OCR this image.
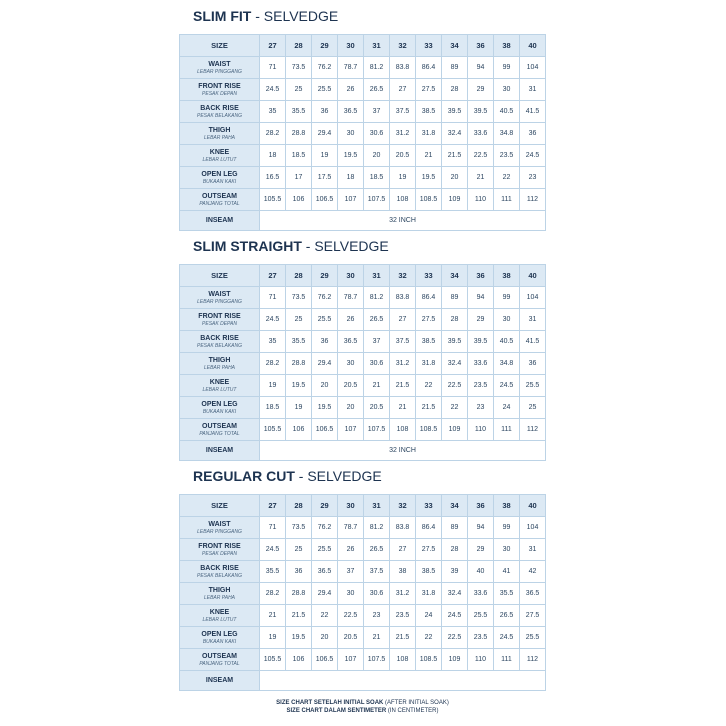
SLIM FIT - SELVEDGE
SIZE	27	28	29	30	31	32	33	34	36	38	40

WAIST
LEBAR PINGGANG	71	73.5	76.2	78.7	81.2	83.8	86.4	89	94	99	104

FRONT RISE
PESAK DEPAN	24.5	25	25.5	26	26.5	27	27.5	28	29	30	31

BACK RISE
PESAK BELAKANG	35	35.5	36	36.5	37	37.5	38.5	39.5	39.5	40.5	41.5

THIGH
LEBAR PAHA	28.2	28.8	29.4	30	30.6	31.2	31.8	32.4	33.6	34.8	36

KNEE
LEBAR LUTUT	18	18.5	19	19.5	20	20.5	21	21.5	22.5	23.5	24.5

OPEN LEG
BUKAAN KAKI	16.5	17	17.5	18	18.5	19	19.5	20	21	22	23

OUTSEAM
PANJANG TOTAL	105.5	106	106.5	107	107.5	108	108.5	109	110	111	112

INSEAM	32 INCH										
SLIM STRAIGHT - SELVEDGE
SIZE	27	28	29	30	31	32	33	34	36	38	40

WAIST
LEBAR PINGGANG	71	73.5	76.2	78.7	81.2	83.8	86.4	89	94	99	104

FRONT RISE
PESAK DEPAN	24.5	25	25.5	26	26.5	27	27.5	28	29	30	31

BACK RISE
PESAK BELAKANG	35	35.5	36	36.5	37	37.5	38.5	39.5	39.5	40.5	41.5

THIGH
LEBAR PAHA	28.2	28.8	29.4	30	30.6	31.2	31.8	32.4	33.6	34.8	36

KNEE
LEBAR LUTUT	19	19.5	20	20.5	21	21.5	22	22.5	23.5	24.5	25.5

OPEN LEG
BUKAAN KAKI	18.5	19	19.5	20	20.5	21	21.5	22	23	24	25

OUTSEAM
PANJANG TOTAL	105.5	106	106.5	107	107.5	108	108.5	109	110	111	112

INSEAM	32 INCH										
REGULAR CUT - SELVEDGE
SIZE	27	28	29	30	31	32	33	34	36	38	40

WAIST
LEBAR PINGGANG	71	73.5	76.2	78.7	81.2	83.8	86.4	89	94	99	104

FRONT RISE
PESAK DEPAN	24.5	25	25.5	26	26.5	27	27.5	28	29	30	31

BACK RISE
PESAK BELAKANG	35.5	36	36.5	37	37.5	38	38.5	39	40	41	42

THIGH
LEBAR PAHA	28.2	28.8	29.4	30	30.6	31.2	31.8	32.4	33.6	35.5	36.5

KNEE
LEBAR LUTUT	21	21.5	22	22.5	23	23.5	24	24.5	25.5	26.5	27.5

OPEN LEG
BUKAAN KAKI	19	19.5	20	20.5	21	21.5	22	22.5	23.5	24.5	25.5

OUTSEAM
PANJANG TOTAL	105.5	106	106.5	107	107.5	108	108.5	109	110	111	112

INSEAM											

SIZE CHART SETELAH INITIAL SOAK (AFTER INITIAL SOAK)
SIZE CHART DALAM SENTIMETER (IN CENTIMETER)
